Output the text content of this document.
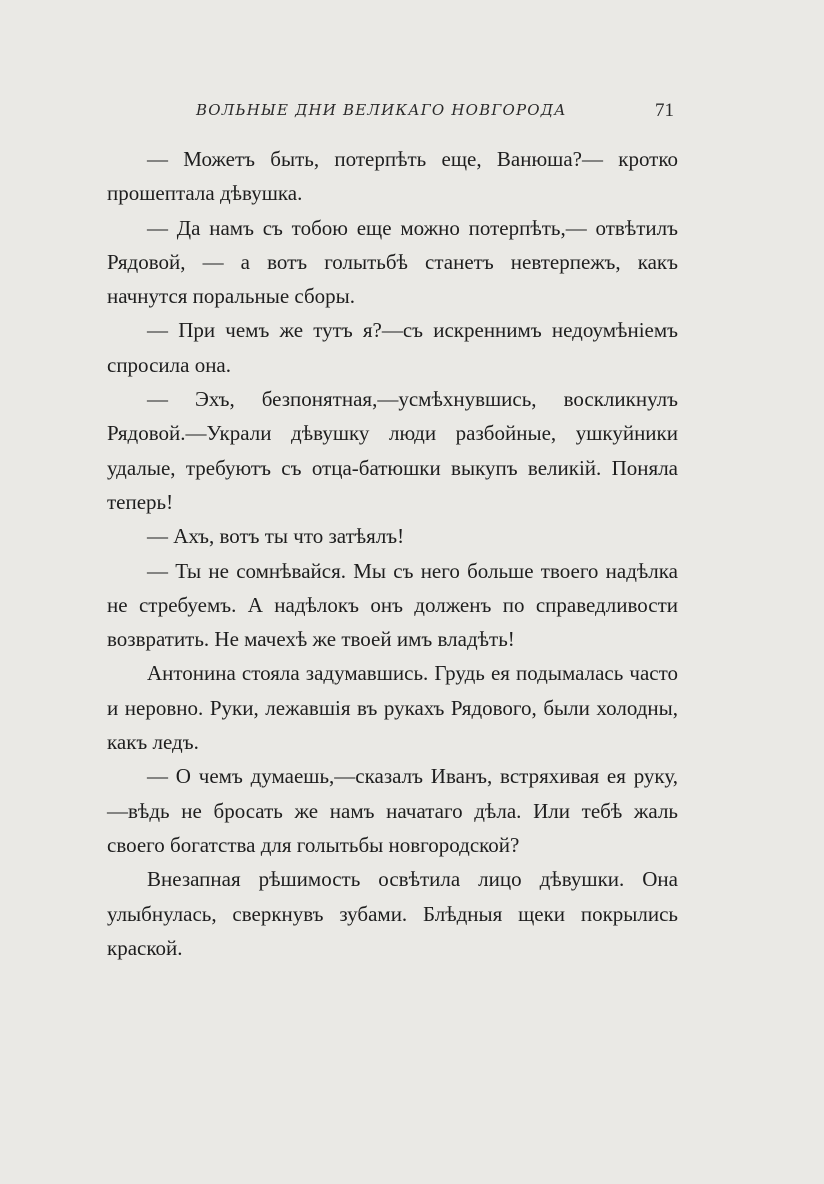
ВОЛЬНЫЕ ДНИ ВЕЛИКАГО НОВГОРОДА	71

— Можетъ быть, потерпѣть еще, Ванюша?— кротко прошептала дѣвушка.

— Да намъ съ тобою еще можно потерпѣть,— отвѣтилъ Рядовой, — а вотъ голытьбѣ станетъ невтерпежъ, какъ начнутся поральные сборы.

— При чемъ же тутъ я?—съ искреннимъ недоумѣніемъ спросила она.

— Эхъ, безпонятная,—усмѣхнувшись, воскликнулъ Рядовой.—Украли дѣвушку люди разбойные, ушкуйники удалые, требуютъ съ отца-батюшки выкупъ великій. Поняла теперь!

— Ахъ, вотъ ты что затѣялъ!

— Ты не сомнѣвайся. Мы съ него больше твоего надѣлка не стребуемъ. А надѣлокъ онъ долженъ по справедливости возвратить. Не мачехѣ же твоей имъ владѣть!

Антонина стояла задумавшись. Грудь ея подымалась часто и неровно. Руки, лежавшія въ рукахъ Рядового, были холодны, какъ ледъ.

— О чемъ думаешь,—сказалъ Иванъ, встряхивая ея руку,—вѣдь не бросать же намъ начатаго дѣла. Или тебѣ жаль своего богатства для голытьбы новгородской?

Внезапная рѣшимость освѣтила лицо дѣвушки. Она улыбнулась, сверкнувъ зубами. Блѣдныя щеки покрылись краской.
